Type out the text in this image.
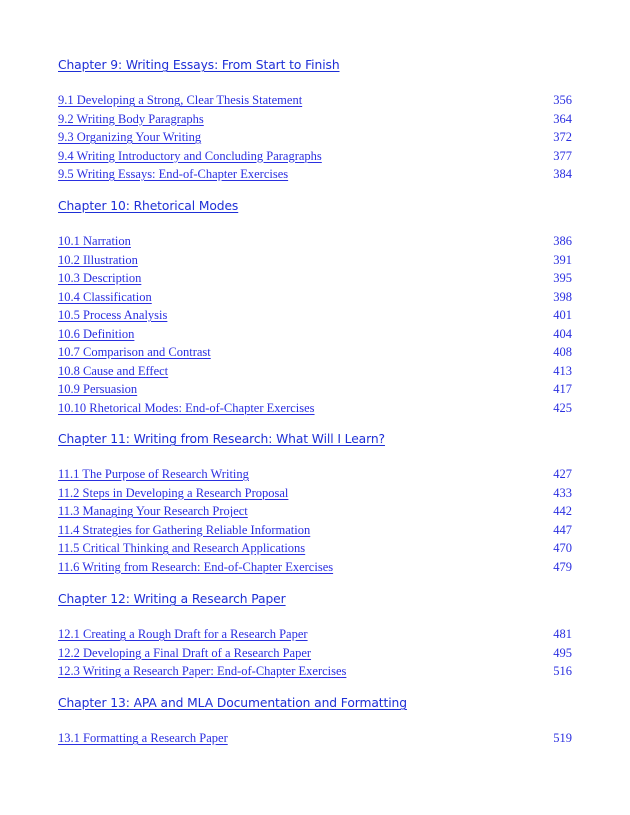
Chapter 9: Writing Essays: From Start to Finish
9.1 Developing a Strong, Clear Thesis Statement	356
9.2 Writing Body Paragraphs	364
9.3 Organizing Your Writing	372
9.4 Writing Introductory and Concluding Paragraphs	377
9.5 Writing Essays: End-of-Chapter Exercises	384
Chapter 10: Rhetorical Modes
10.1 Narration	386
10.2 Illustration	391
10.3 Description	395
10.4 Classification	398
10.5 Process Analysis	401
10.6 Definition	404
10.7 Comparison and Contrast	408
10.8 Cause and Effect	413
10.9 Persuasion	417
10.10 Rhetorical Modes: End-of-Chapter Exercises	425
Chapter 11: Writing from Research: What Will I Learn?
11.1 The Purpose of Research Writing	427
11.2 Steps in Developing a Research Proposal	433
11.3 Managing Your Research Project	442
11.4 Strategies for Gathering Reliable Information	447
11.5 Critical Thinking and Research Applications	470
11.6 Writing from Research: End-of-Chapter Exercises	479
Chapter 12: Writing a Research Paper
12.1 Creating a Rough Draft for a Research Paper	481
12.2 Developing a Final Draft of a Research Paper	495
12.3 Writing a Research Paper: End-of-Chapter Exercises	516
Chapter 13: APA and MLA Documentation and Formatting
13.1 Formatting a Research Paper	519
